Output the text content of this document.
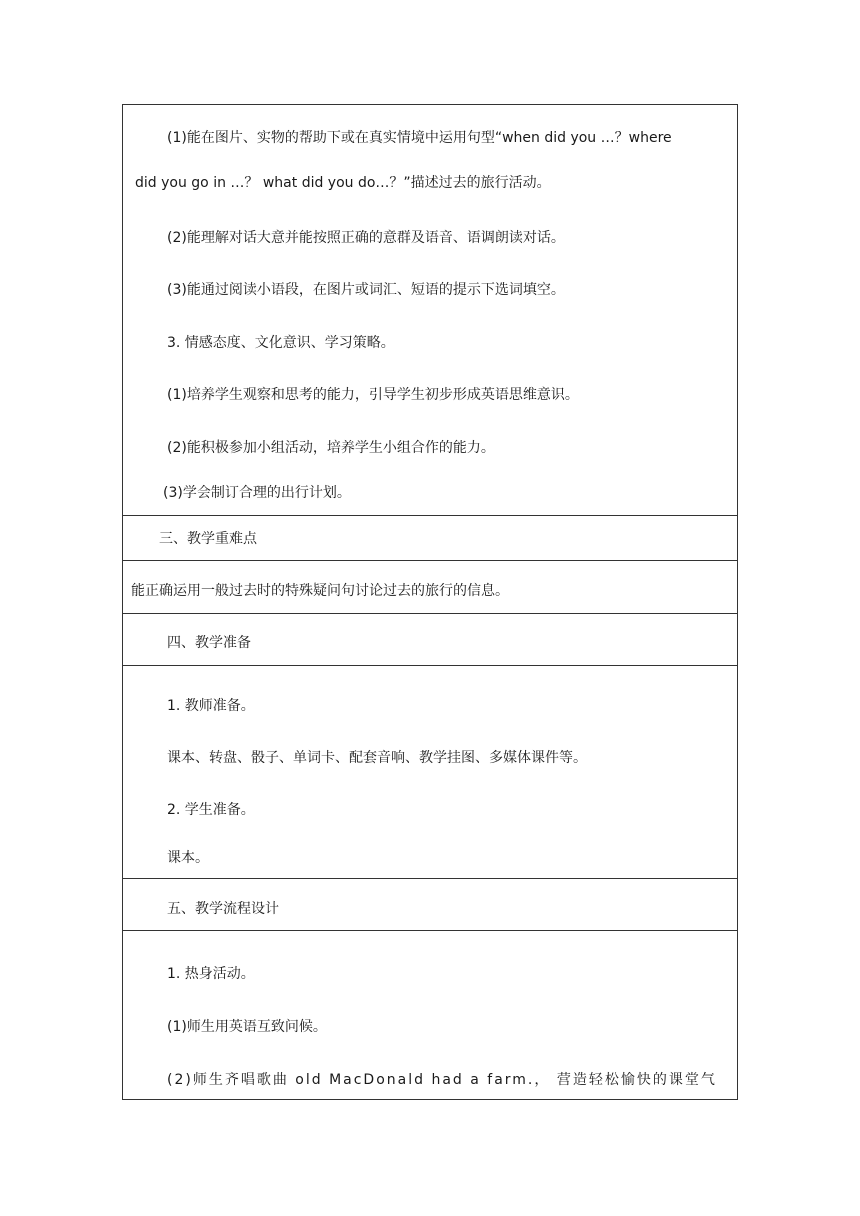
(1)能在图片、实物的帮助下或在真实情境中运用句型“when did you …？where
did you go in …？ what did you do…？”描述过去的旅行活动。
(2)能理解对话大意并能按照正确的意群及语音、语调朗读对话。
(3)能通过阅读小语段，在图片或词汇、短语的提示下选词填空。
3. 情感态度、文化意识、学习策略。
(1)培养学生观察和思考的能力，引导学生初步形成英语思维意识。
(2)能积极参加小组活动，培养学生小组合作的能力。
(3)学会制订合理的出行计划。
三、教学重难点
能正确运用一般过去时的特殊疑问句讨论过去的旅行的信息。
四、教学准备
1. 教师准备。
课本、转盘、骰子、单词卡、配套音响、教学挂图、多媒体课件等。
2. 学生准备。
课本。
五、教学流程设计
1. 热身活动。
(1)师生用英语互致问候。
(2)师生齐唱歌曲 old MacDonald had a farm.， 营造轻松愉快的课堂气
